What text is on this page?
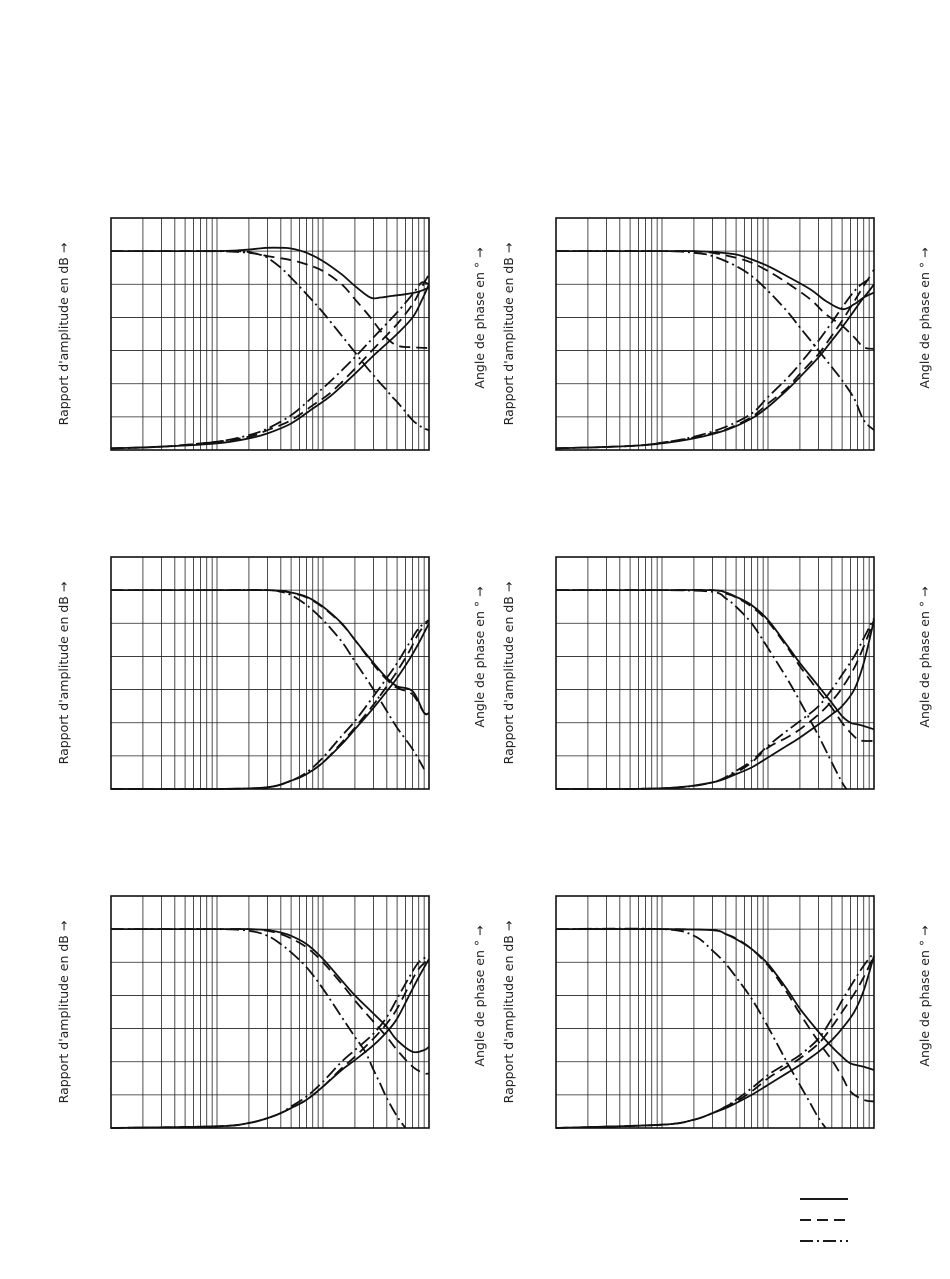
Rapport d'amplitude en dB →	Angle de phase en ° → Rapport d'amplitude en dB →	Angle de phase en ° →
Rapport d'amplitude en dB →	Angle de phase en ° → Rapport d'amplitude en dB →	Angle de phase en ° →
Rapport d'amplitude en dB →	Angle de phase en ° → Rapport d'amplitude en dB →	Angle de phase en ° →
